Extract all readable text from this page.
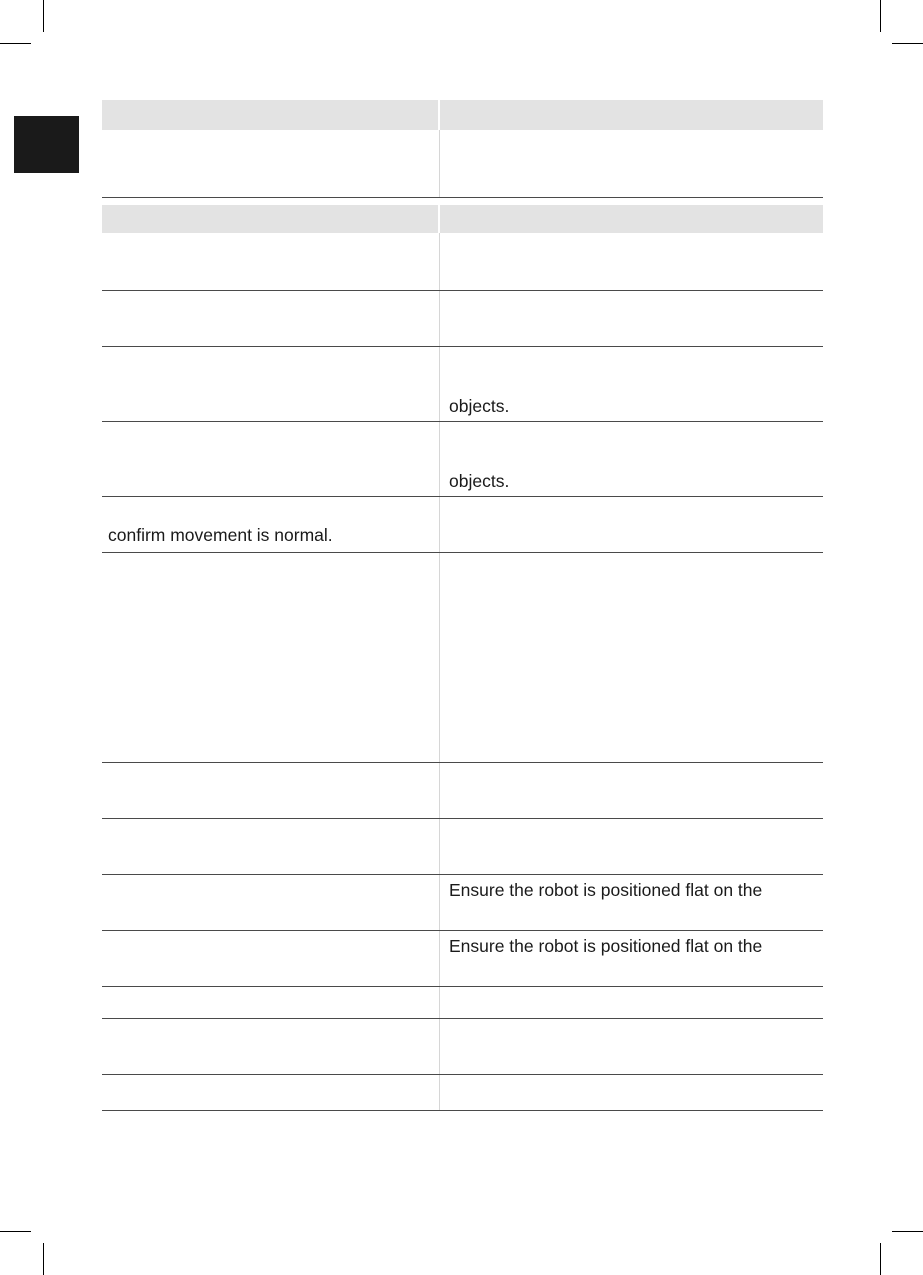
objects.
objects.
confirm movement is normal.
Ensure the robot is positioned flat on the
Ensure the robot is positioned flat on the
